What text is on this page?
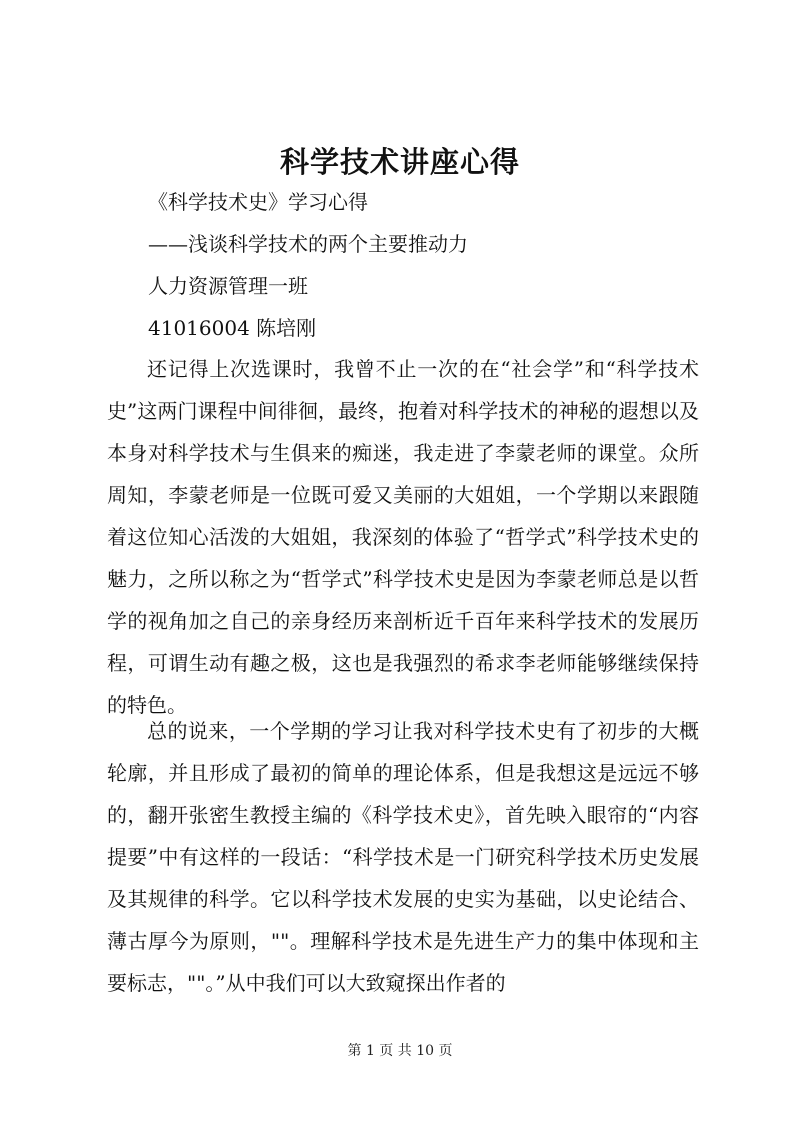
科学技术讲座心得
《科学技术史》学习心得
——浅谈科学技术的两个主要推动力
人力资源管理一班
41016004 陈培刚

还记得上次选课时，我曾不止一次的在“社会学”和“科学技术史”这两门课程中间徘徊，最终，抱着对科学技术的神秘的遐想以及本身对科学技术与生俱来的痴迷，我走进了李蒙老师的课堂。众所周知，李蒙老师是一位既可爱又美丽的大姐姐，一个学期以来跟随着这位知心活泼的大姐姐，我深刻的体验了“哲学式”科学技术史的魅力，之所以称之为“哲学式”科学技术史是因为李蒙老师总是以哲学的视角加之自己的亲身经历来剖析近千百年来科学技术的发展历程，可谓生动有趣之极，这也是我强烈的希求李老师能够继续保持的特色。

总的说来，一个学期的学习让我对科学技术史有了初步的大概轮廓，并且形成了最初的简单的理论体系，但是我想这是远远不够的，翻开张密生教授主编的《科学技术史》，首先映入眼帘的“内容提要”中有这样的一段话：“科学技术是一门研究科学技术历史发展及其规律的科学。它以科学技术发展的史实为基础，以史论结合、薄古厚今为原则，""。理解科学技术是先进生产力的集中体现和主要标志，""。”从中我们可以大致窥探出作者的

第 1 页 共 10 页
